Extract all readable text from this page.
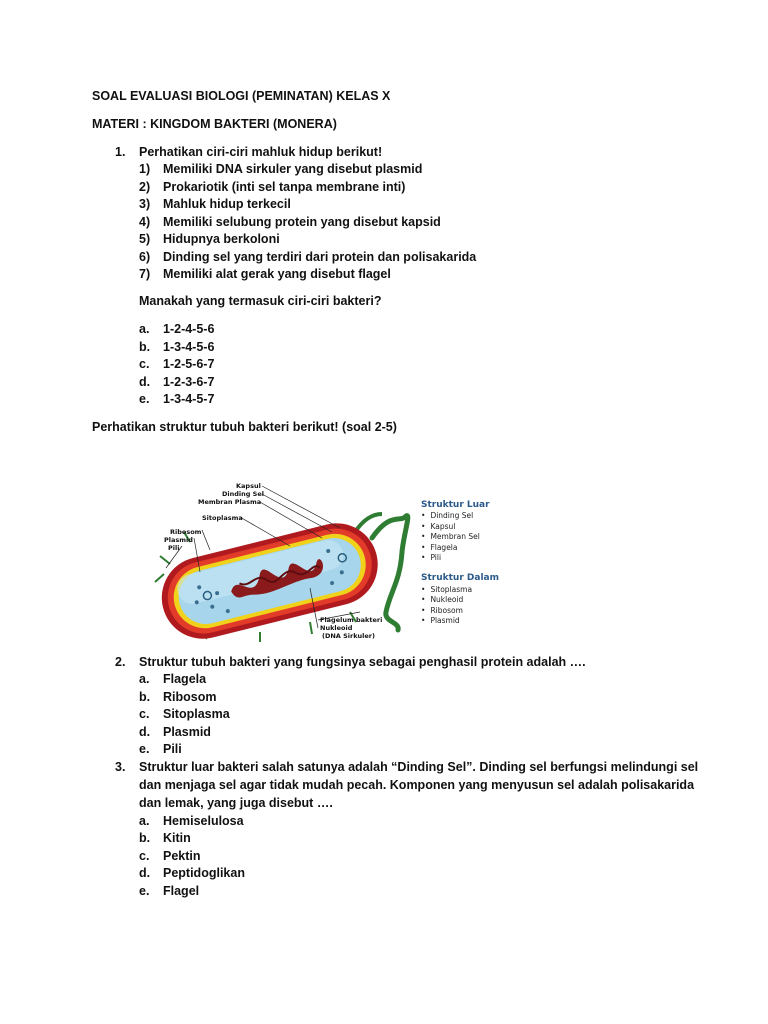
SOAL EVALUASI BIOLOGI (PEMINATAN) KELAS X
MATERI : KINGDOM BAKTERI (MONERA)
1. Perhatikan ciri-ciri mahluk hidup berikut!
1) Memiliki DNA sirkuler yang disebut plasmid
2) Prokariotik (inti sel tanpa membrane inti)
3) Mahluk hidup terkecil
4) Memiliki selubung protein yang disebut kapsid
5) Hidupnya berkoloni
6) Dinding sel yang terdiri dari protein dan polisakarida
7) Memiliki alat gerak yang disebut flagel
Manakah yang termasuk ciri-ciri bakteri?
a. 1-2-4-5-6
b. 1-3-4-5-6
c. 1-2-5-6-7
d. 1-2-3-6-7
e. 1-3-4-5-7
Perhatikan struktur tubuh bakteri berikut! (soal 2-5)
Kapsul
Dinding Sel
Membran Plasma
Sitoplasma
Ribosom
Plasmid
Pili
Flagelum bakteri
Nukleoid
(DNA Sirkuler)
Struktur Luar
• Dinding Sel
• Kapsul
• Membran Sel
• Flagela
• Pili
Struktur Dalam
• Sitoplasma
• Nukleoid
• Ribosom
• Plasmid
2. Struktur tubuh bakteri yang fungsinya sebagai penghasil protein adalah ….
a. Flagela
b. Ribosom
c. Sitoplasma
d. Plasmid
e. Pili
3. Struktur luar bakteri salah satunya adalah “Dinding Sel”. Dinding sel berfungsi melindungi sel
dan menjaga sel agar tidak mudah pecah. Komponen yang menyusun sel adalah polisakarida
dan lemak, yang juga disebut ….
a. Hemiselulosa
b. Kitin
c. Pektin
d. Peptidoglikan
e. Flagel
